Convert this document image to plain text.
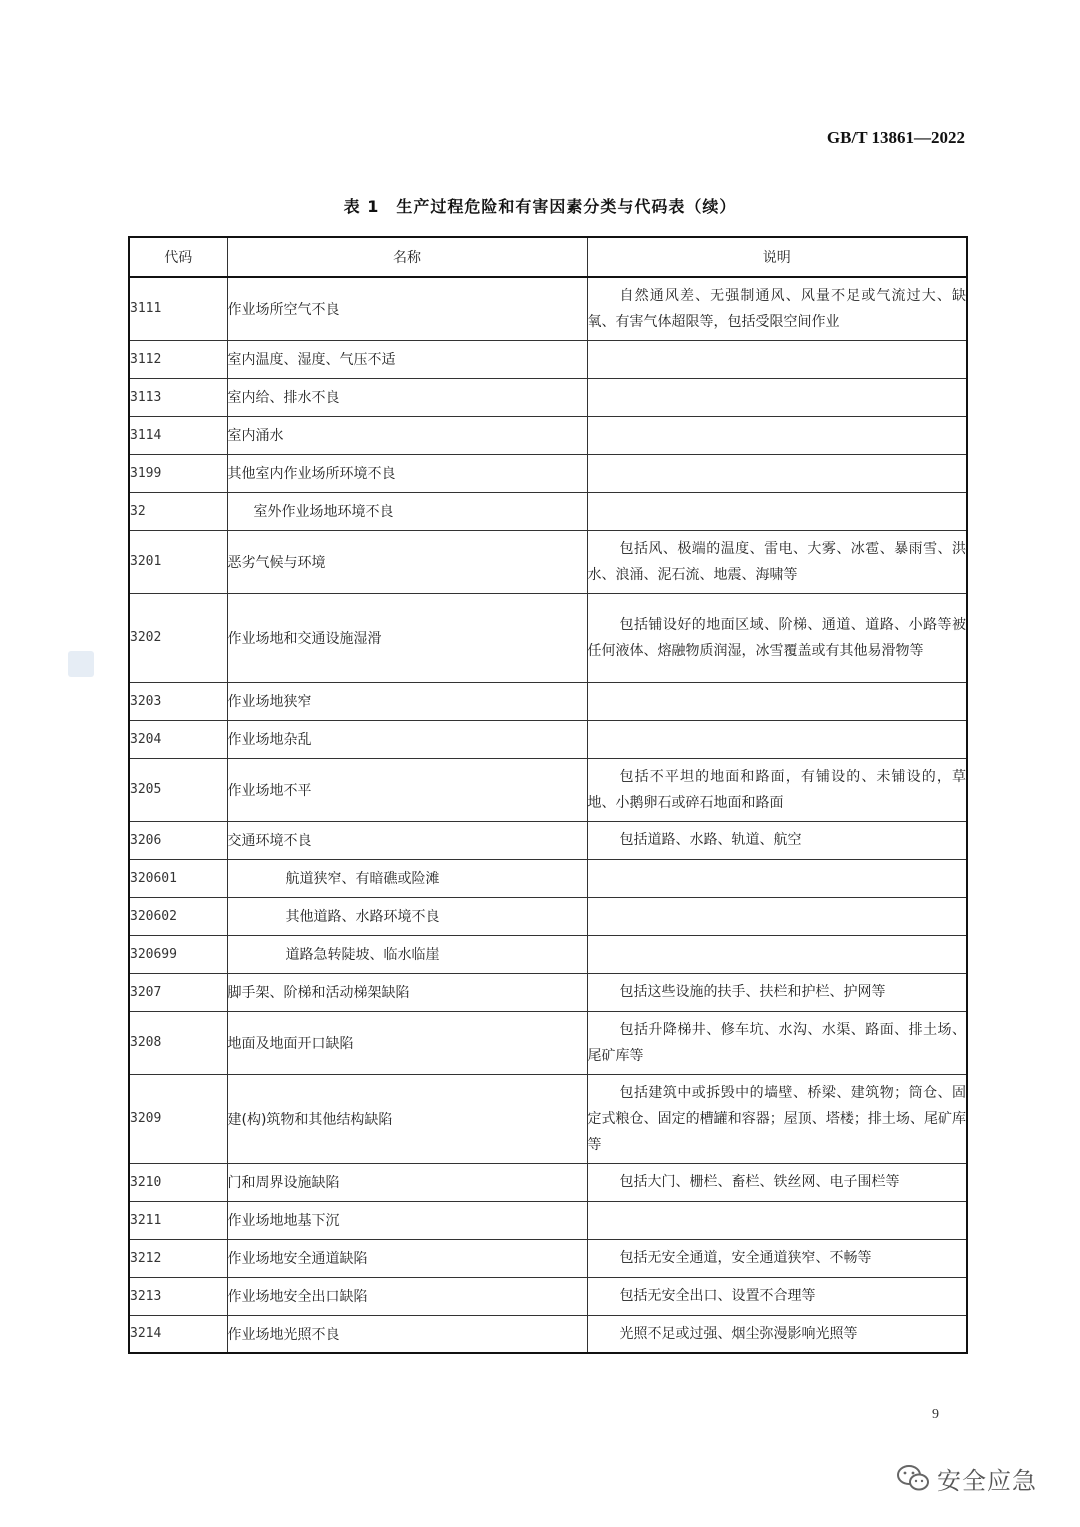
GB/T 13861—2022
表 1　生产过程危险和有害因素分类与代码表（续）
代码	名称	说明
3111	作业场所空气不良	自然通风差、无强制通风、风量不足或气流过大、缺氧、有害气体超限等，包括受限空间作业

3112	室内温度、湿度、气压不适	

3113	室内给、排水不良	

3114	室内涌水	

3199	其他室内作业场所环境不良	

32	室外作业场地环境不良	

3201	恶劣气候与环境	包括风、极端的温度、雷电、大雾、冰雹、暴雨雪、洪水、浪涌、泥石流、地震、海啸等

3202	作业场地和交通设施湿滑	包括铺设好的地面区域、阶梯、通道、道路、小路等被任何液体、熔融物质润湿，冰雪覆盖或有其他易滑物等

3203	作业场地狭窄	

3204	作业场地杂乱	

3205	作业场地不平	包括不平坦的地面和路面，有铺设的、未铺设的，草地、小鹅卵石或碎石地面和路面

3206	交通环境不良	包括道路、水路、轨道、航空

320601	航道狭窄、有暗礁或险滩	

320602	其他道路、水路环境不良	

320699	道路急转陡坡、临水临崖	

3207	脚手架、阶梯和活动梯架缺陷	包括这些设施的扶手、扶栏和护栏、护网等

3208	地面及地面开口缺陷	包括升降梯井、修车坑、水沟、水渠、路面、排土场、尾矿库等

3209	建(构)筑物和其他结构缺陷	包括建筑中或拆毁中的墙壁、桥梁、建筑物；筒仓、固定式粮仓、固定的槽罐和容器；屋顶、塔楼；排土场、尾矿库等

3210	门和周界设施缺陷	包括大门、栅栏、畜栏、铁丝网、电子围栏等

3211	作业场地地基下沉	

3212	作业场地安全通道缺陷	包括无安全通道，安全通道狭窄、不畅等

3213	作业场地安全出口缺陷	包括无安全出口、设置不合理等

3214	作业场地光照不良	光照不足或过强、烟尘弥漫影响光照等
9
安全应急
